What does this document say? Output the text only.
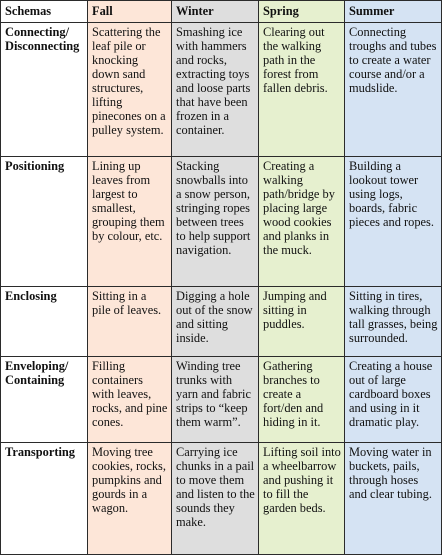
Schemas	Fall	Winter	Spring	Summer
Connecting/ Disconnecting	Scattering the leaf pile or knocking down sand structures, lifting pinecones on a pulley system.	Smashing ice with hammers and rocks, extracting toys and loose parts that have been frozen in a container.	Clearing out the walking path in the forest from fallen debris.	Connecting troughs and tubes to create a water course and/or a mudslide.
Positioning	Lining up leaves from largest to smallest, grouping them by colour, etc.	Stacking snowballs into a snow person, stringing ropes between trees to help support navigation.	Creating a walking path/bridge by placing large wood cookies and planks in the muck.	Building a lookout tower using logs, boards, fabric pieces and ropes.
Enclosing	Sitting in a pile of leaves.	Digging a hole out of the snow and sitting inside.	Jumping and sitting in puddles.	Sitting in tires, walking through tall grasses, being surrounded.
Enveloping/ Containing	Filling containers with leaves, rocks, and pine cones.	Winding tree trunks with yarn and fabric strips to “keep them warm”.	Gathering branches to create a fort/den and hiding in it.	Creating a house out of large cardboard boxes and using in it dramatic play.
Transporting	Moving tree cookies, rocks, pumpkins and gourds in a wagon.	Carrying ice chunks in a pail to move them and listen to the sounds they make.	Lifting soil into a wheelbarrow and pushing it to fill the garden beds.	Moving water in buckets, pails, through hoses and clear tubing.
